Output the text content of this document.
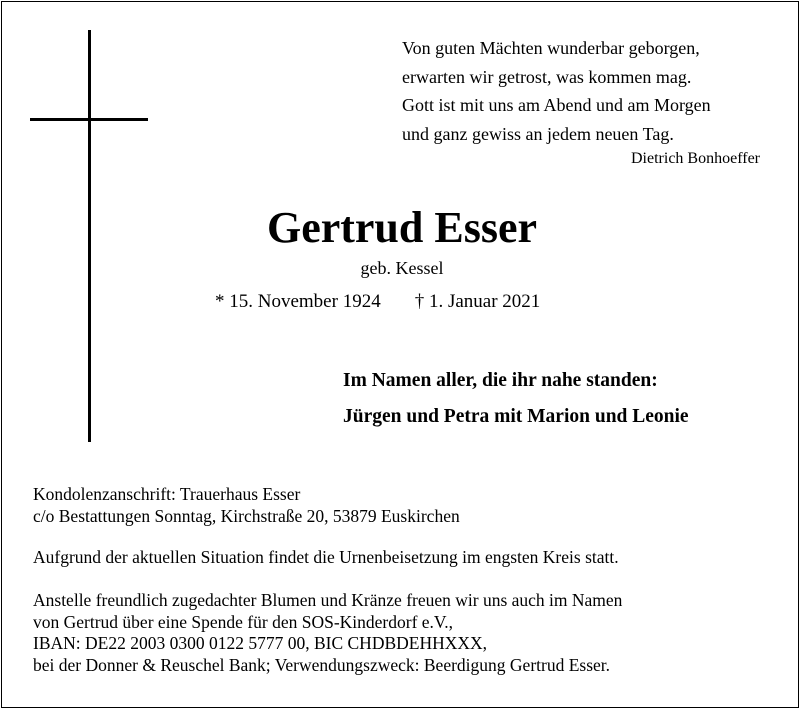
Von guten Mächten wunderbar geborgen,
erwarten wir getrost, was kommen mag.
Gott ist mit uns am Abend und am Morgen
und ganz gewiss an jedem neuen Tag.
Dietrich Bonhoeffer
Gertrud Esser
geb. Kessel
* 15. November 1924 † 1. Januar 2021
Im Namen aller, die ihr nahe standen:
Jürgen und Petra mit Marion und Leonie
Kondolenzanschrift: Trauerhaus Esser
c/o Bestattungen Sonntag, Kirchstraße 20, 53879 Euskirchen
Aufgrund der aktuellen Situation findet die Urnenbeisetzung im engsten Kreis statt.
Anstelle freundlich zugedachter Blumen und Kränze freuen wir uns auch im Namen
von Gertrud über eine Spende für den SOS-Kinderdorf e.V.,
IBAN: DE22 2003 0300 0122 5777 00, BIC CHDBDEHHXXX,
bei der Donner & Reuschel Bank; Verwendungszweck: Beerdigung Gertrud Esser.
